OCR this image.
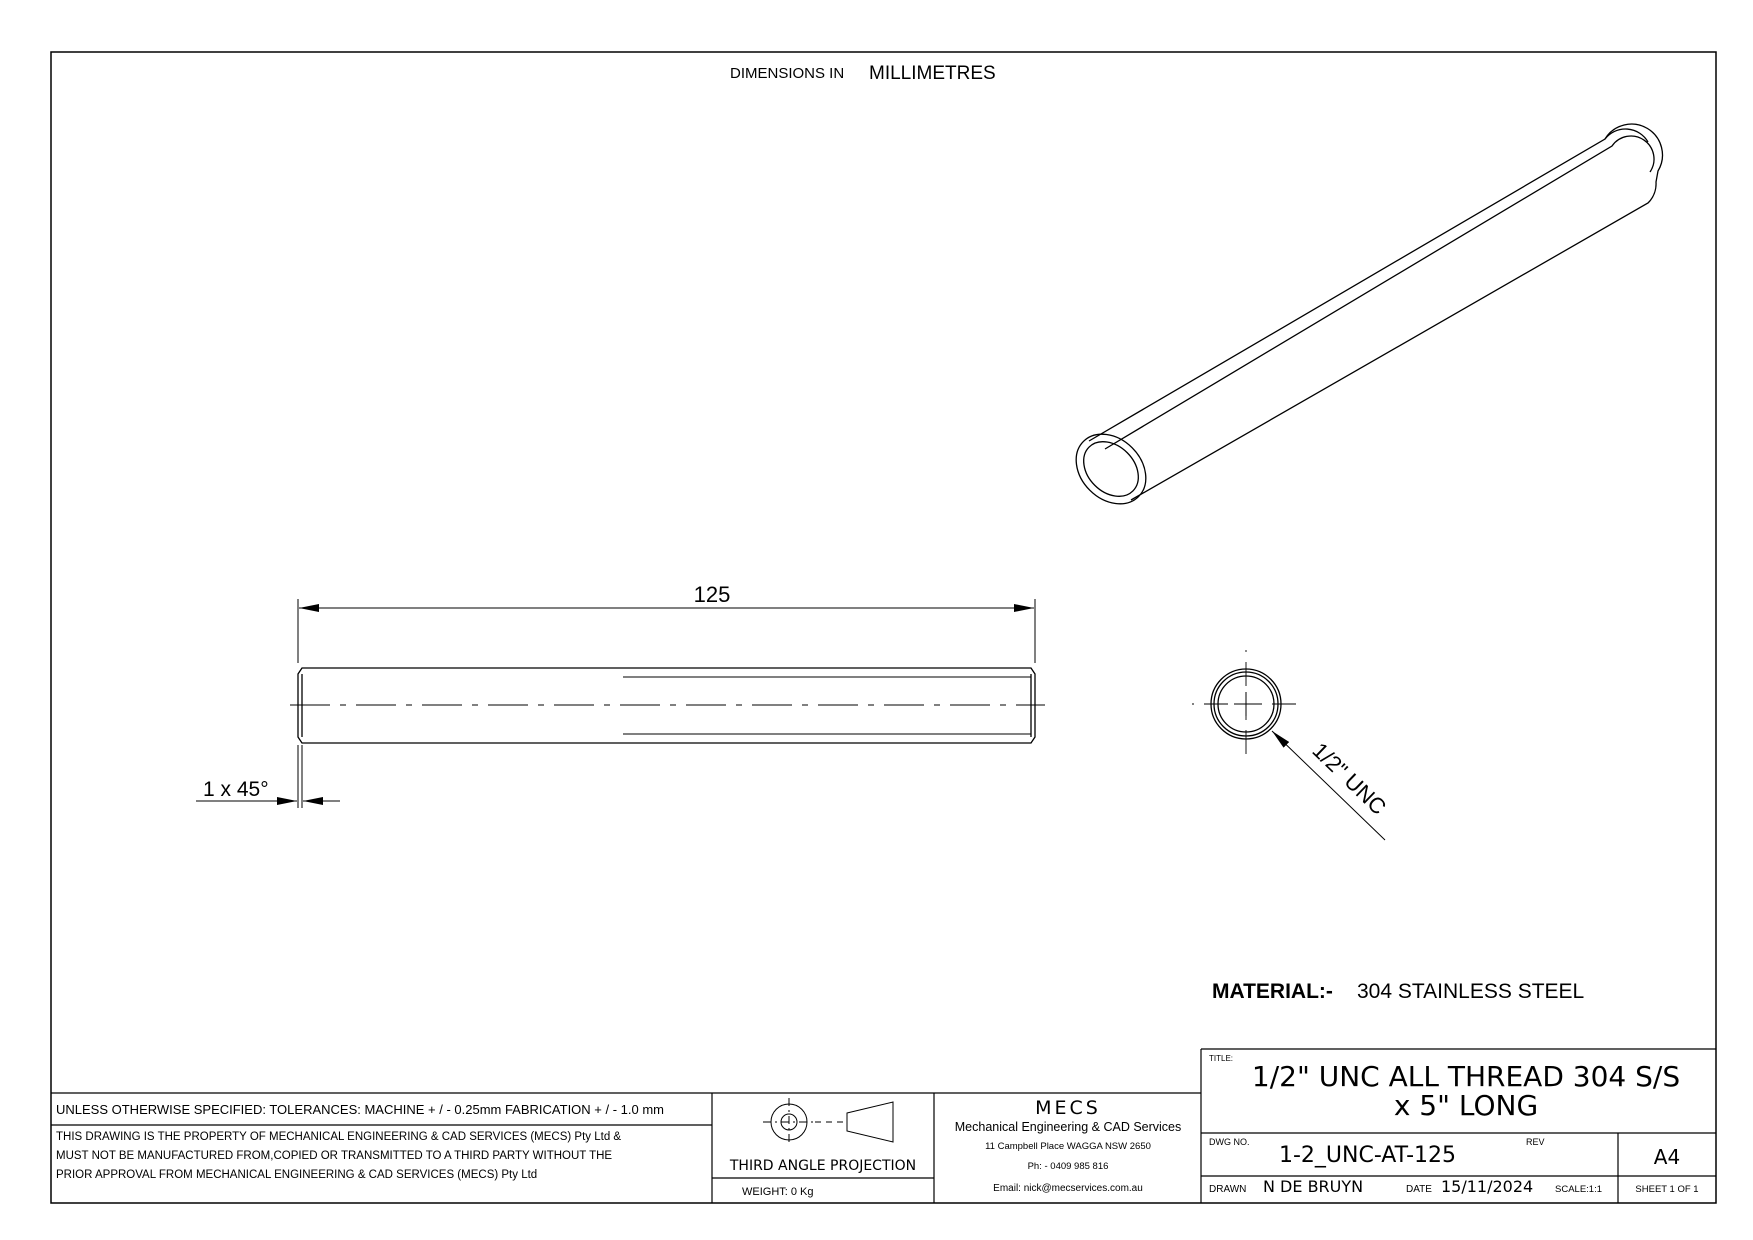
DIMENSIONS IN MILLIMETRES
125
1 x 45°	1/2" UNC
MATERIAL:- 304 STAINLESS STEEL
UNLESS OTHERWISE SPECIFIED: TOLERANCES: MACHINE + / - 0.25mm FABRICATION + / - 1.0 mm
THIS DRAWING IS THE PROPERTY OF MECHANICAL ENGINEERING & CAD SERVICES (MECS) Pty Ltd &
MUST NOT BE MANUFACTURED FROM,COPIED OR TRANSMITTED TO A THIRD PARTY WITHOUT THE
PRIOR APPROVAL FROM MECHANICAL ENGINEERING & CAD SERVICES (MECS) Pty Ltd
THIRD ANGLE PROJECTION
WEIGHT: 0 Kg
MECS
Mechanical Engineering & CAD Services
11 Campbell Place WAGGA NSW 2650
Ph: - 0409 985 816
Email: nick@mecservices.com.au
TITLE:
1/2" UNC ALL THREAD 304 S/S
x 5" LONG
DWG NO.
1-2_UNC-AT-125
REV
A4
DRAWN N DE BRUYN	DATE 15/11/2024 SCALE:1:1	SHEET 1 OF 1
